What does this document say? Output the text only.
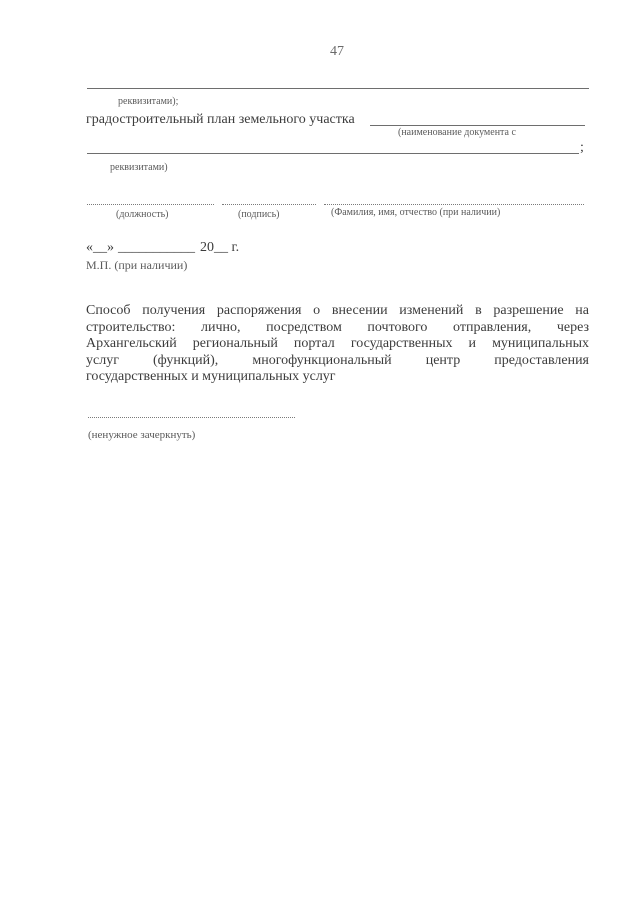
47
реквизитами);
градостроительный план земельного участка
(наименование документа с
;
реквизитами)
(должность)	(подпись)	(Фамилия, имя, отчество (при наличии)
«__» ___________ 20__ г.
М.П. (при наличии)
Способ получения распоряжения о внесении изменений в разрешение на
строительство: лично, посредством почтового отправления, через
Архангельский региональный портал государственных и муниципальных
услуг (функций), многофункциональный центр предоставления
государственных и муниципальных услуг
(ненужное зачеркнуть)
